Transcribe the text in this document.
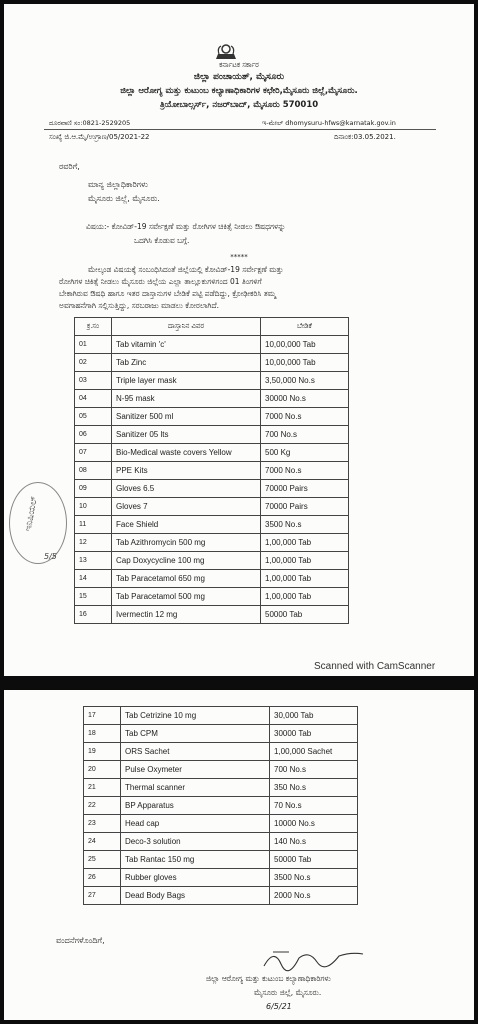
ಕರ್ನಾಟಕ ಸರ್ಕಾರ
ಜಿಲ್ಲಾ ಪಂಚಾಯತ್, ಮೈಸೂರು
ಜಿಲ್ಲಾ ಆರೋಗ್ಯ ಮತ್ತು ಕುಟುಂಬ ಕಲ್ಯಾಣಾಧಿಕಾರಿಗಳ ಕಛೇರಿ,ಮೈಸೂರು ಜಿಲ್ಲೆ,ಮೈಸೂರು.
ತ್ರಿಯೋಬಾಲ್ಸರ್ಸ್, ನಜರ್‌ಬಾದ್, ಮೈಸೂರು 570010
ದೂರವಾಣಿ ಸಂ:0821-2529205	ಇ-ಮೇಲ್ dhomysuru-hfws@karnatak.gov.in
ಸಂಖ್ಯೆ ಜಿ.ಆ.ಮೈ/ಉಗ್ರಾಣ/05/2021-22	ದಿನಾಂಕ:03.05.2021.
ರವರಿಗೆ,
ಮಾನ್ಯ ಜಿಲ್ಲಾಧಿಕಾರಿಗಳು
ಮೈಸೂರು ಜಿಲ್ಲೆ, ಮೈಸೂರು.
ವಿಷಯ:- ಕೋವಿಡ್-19 ಸರ್ವೇಕ್ಷಣೆ ಮತ್ತು ರೋಗಿಗಳ ಚಿಕಿತ್ಸೆ ನೀಡಲು ಔಷಧಗಳನ್ನು
ಒದಗಿಸಿ ಕೊಡುವ ಬಗ್ಗೆ.
*****
ಮೇಲ್ಕಂಡ ವಿಷಯಕ್ಕೆ ಸಂಬಂಧಿಸಿದಂತೆ ಜಿಲ್ಲೆಯಲ್ಲಿ ಕೋವಿಡ್-19 ಸರ್ವೇಕ್ಷಣೆ ಮತ್ತು
ರೋಗಿಗಳ ಚಿಕಿತ್ಸೆ ನೀಡಲು ಮೈಸೂರು ಜಿಲ್ಲೆಯ ಎಲ್ಲಾ ತಾಲ್ಲೂಕುಗಳಿಗಂದ 01 ತಿಂಗಳಿಗೆ
ಬೇಕಾಗಿರುವ ಔಷಧಿ ಹಾಗೂ ಇತರ ದಾಸ್ತಾನುಗಳ ಬೇಡಿಕೆ ಪಟ್ಟಿ ಪಡೆದಿದ್ದು, ಕ್ರೋಢೀಕರಿಸಿ ತಮ್ಮ
ಅವಗಾಹನೆಗಾಗಿ ಸಲ್ಲಿಸುತ್ತಿದ್ದು, ಸರಬರಾಜು ಮಾಡಲು ಕೋರಲಾಗಿದೆ.
ಕ್ರ.ಸಂ	ದಾಸ್ತಾನಿನ ವಿವರ	ಬೇಡಿಕೆ
01	Tab vitamin 'c'	10,00,000 Tab
02	Tab Zinc	10,00,000 Tab
03	Triple layer mask	3,50,000 No.s
04	N-95 mask	30000 No.s
05	Sanitizer 500 ml	7000 No.s
06	Sanitizer 05 lts	700 No.s
07	Bio-Medical waste covers Yellow	500 Kg
08	PPE Kits	7000 No.s
09	Gloves 6.5	70000 Pairs
10	Gloves 7	70000 Pairs
11	Face Shield	3500 No.s
12	Tab Azithromycin 500 mg	1,00,000 Tab
13	Cap Doxycycline 100 mg	1,00,000 Tab
14	Tab Paracetamol 650 mg	1,00,000 Tab
15	Tab Paracetamol 500 mg	1,00,000 Tab
16	Ivermectin 12 mg	50000 Tab
ಇನಿಷಿಯಲ್
5/5
Scanned with CamScanner
17	Tab Cetrizine 10 mg	30,000 Tab
18	Tab CPM	30000 Tab
19	ORS Sachet	1,00,000 Sachet
20	Pulse Oxymeter	700 No.s
21	Thermal scanner	350 No.s
22	BP Apparatus	70 No.s
23	Head cap	10000 No.s
24	Deco-3 solution	140 No.s
25	Tab Rantac 150 mg	50000 Tab
26	Rubber gloves	3500 No.s
27	Dead Body Bags	2000 No.s
ವಂದನೆಗಳೊಂದಿಗೆ,
ಜಿಲ್ಲಾ ಆರೋಗ್ಯ ಮತ್ತು ಕುಟುಂಬ ಕಲ್ಯಾಣಾಧಿಕಾರಿಗಳು
ಮೈಸೂರು ಜಿಲ್ಲೆ, ಮೈಸೂರು.
6/5/21
